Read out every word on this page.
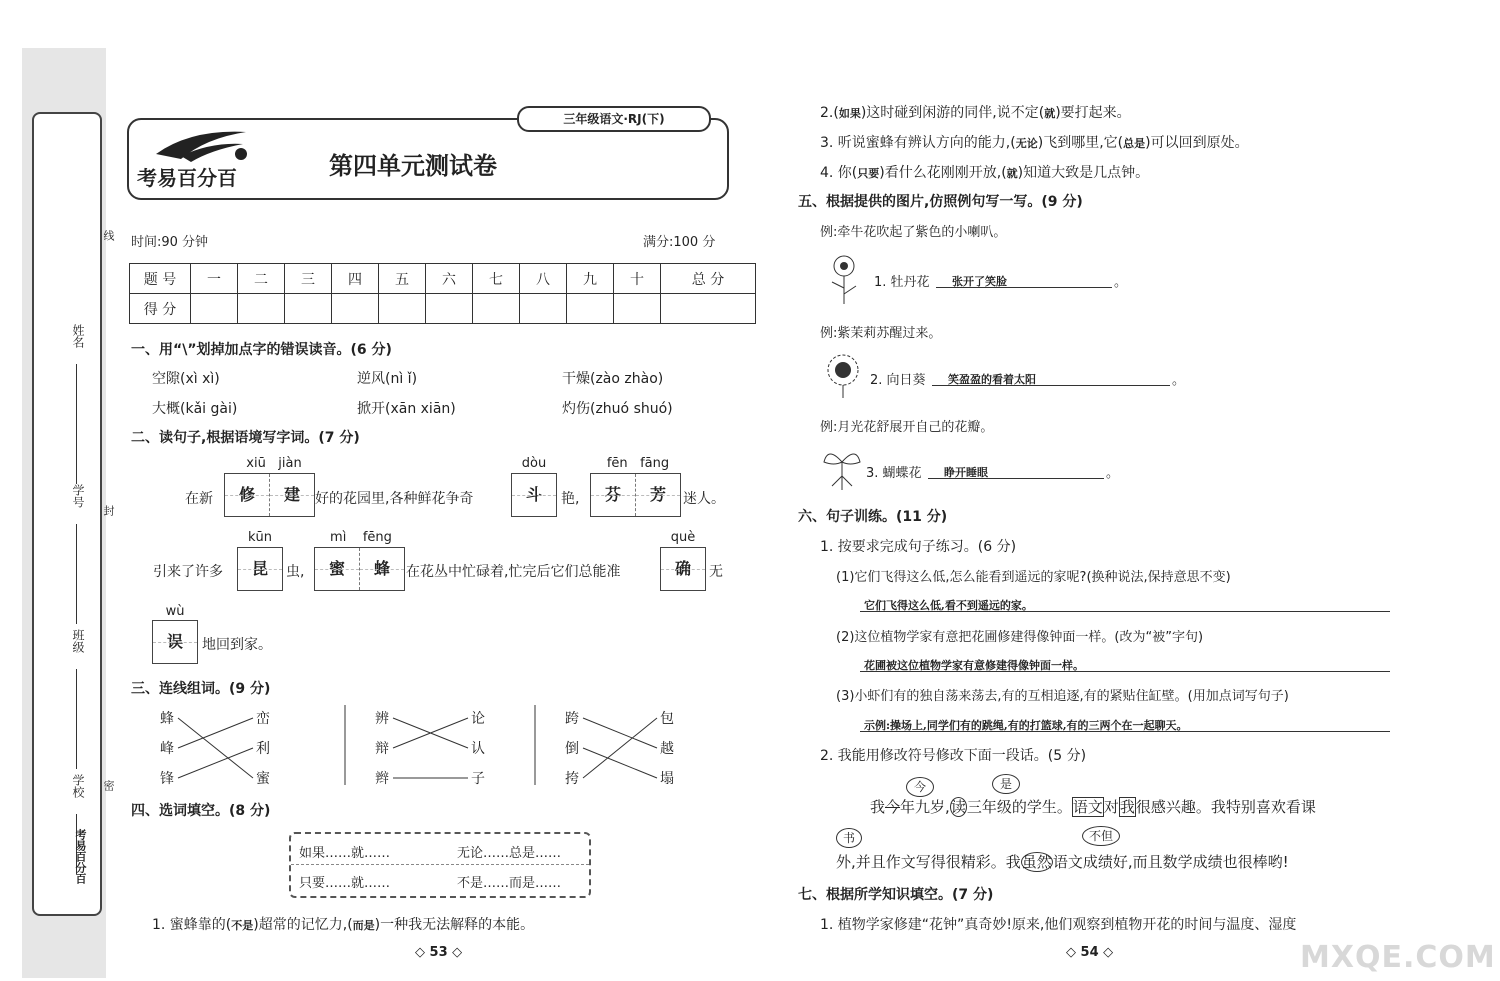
姓名
学号
班级
学校
考易百分百
线
封
密
考易百分百	第四单元测试卷
三年级语文·RJ(下)
时间:90 分钟	满分:100 分
题 号	一	二	三	四	五	六	七	八	九	十	总 分
得 分											
一、用“\”划掉加点字的错误读音。(6 分)
空隙(xì xì)	逆风(nì ǐ)	干燥(zào zhào)
大概(kǎi gài)	掀开(xān xiān)	灼伤(zhuó shuó)
二、读句子,根据语境写字词。(7 分)
xiū jiàn	dòu	fēn fāng
在新	修 建	好的花园里,各种鲜花争奇	斗	艳,	芬 芳	迷人。
kūn	mì fēng	què
引来了许多	昆	虫,	蜜 蜂	在花丛中忙碌着,忙完后它们总能准	确	无
wù
误	地回到家。
三、连线组词。(9 分)
蜂
峰
锋
峦
利
蜜
辨
辩
辫
论
认
子
跨
倒
挎
包
越
塌
四、选词填空。(8 分)
如果……就……	无论……总是……
只要……就……	不是……而是……
1. 蜜蜂靠的(不是)超常的记忆力,(而是)一种我无法解释的本能。
◇ 53 ◇
2.(如果)这时碰到闲游的同伴,说不定(就)要打起来。
3. 听说蜜蜂有辨认方向的能力,(无论)飞到哪里,它(总是)可以回到原处。
4. 你(只要)看什么花刚刚开放,(就)知道大致是几点钟。
五、根据提供的图片,仿照例句写一写。(9 分)
例:牵牛花吹起了紫色的小喇叭。
1. 牡丹花	张开了笑脸	。
例:紫茉莉苏醒过来。
2. 向日葵	笑盈盈的看着太阳	。
例:月光花舒展开自己的花瓣。
3. 蝴蝶花	睁开睡眼	。
六、句子训练。(11 分)
1. 按要求完成句子练习。(6 分)
(1)它们飞得这么低,怎么能看到遥远的家呢?(换种说法,保持意思不变)
它们飞得这么低,看不到遥远的家。
(2)这位植物学家有意把花圃修建得像钟面一样。(改为“被”字句)
花圃被这位植物学家有意修建得像钟面一样。
(3)小虾们有的独自荡来荡去,有的互相追逐,有的紧贴住缸壁。(用加点词写句子)
示例:操场上,同学们有的跳绳,有的打篮球,有的三两个在一起聊天。
2. 我能用修改符号修改下面一段话。(5 分)
今	是
我今年九岁,读三年级的学生。语文对我很感兴趣。我特别喜欢看课
书	不但
外,并且作文写得很精彩。我虽然语文成绩好,而且数学成绩也很棒哟!
七、根据所学知识填空。(7 分)
1. 植物学家修建“花钟”真奇妙!原来,他们观察到植物开花的时间与温度、湿度
◇ 54 ◇	MXQE.COM
